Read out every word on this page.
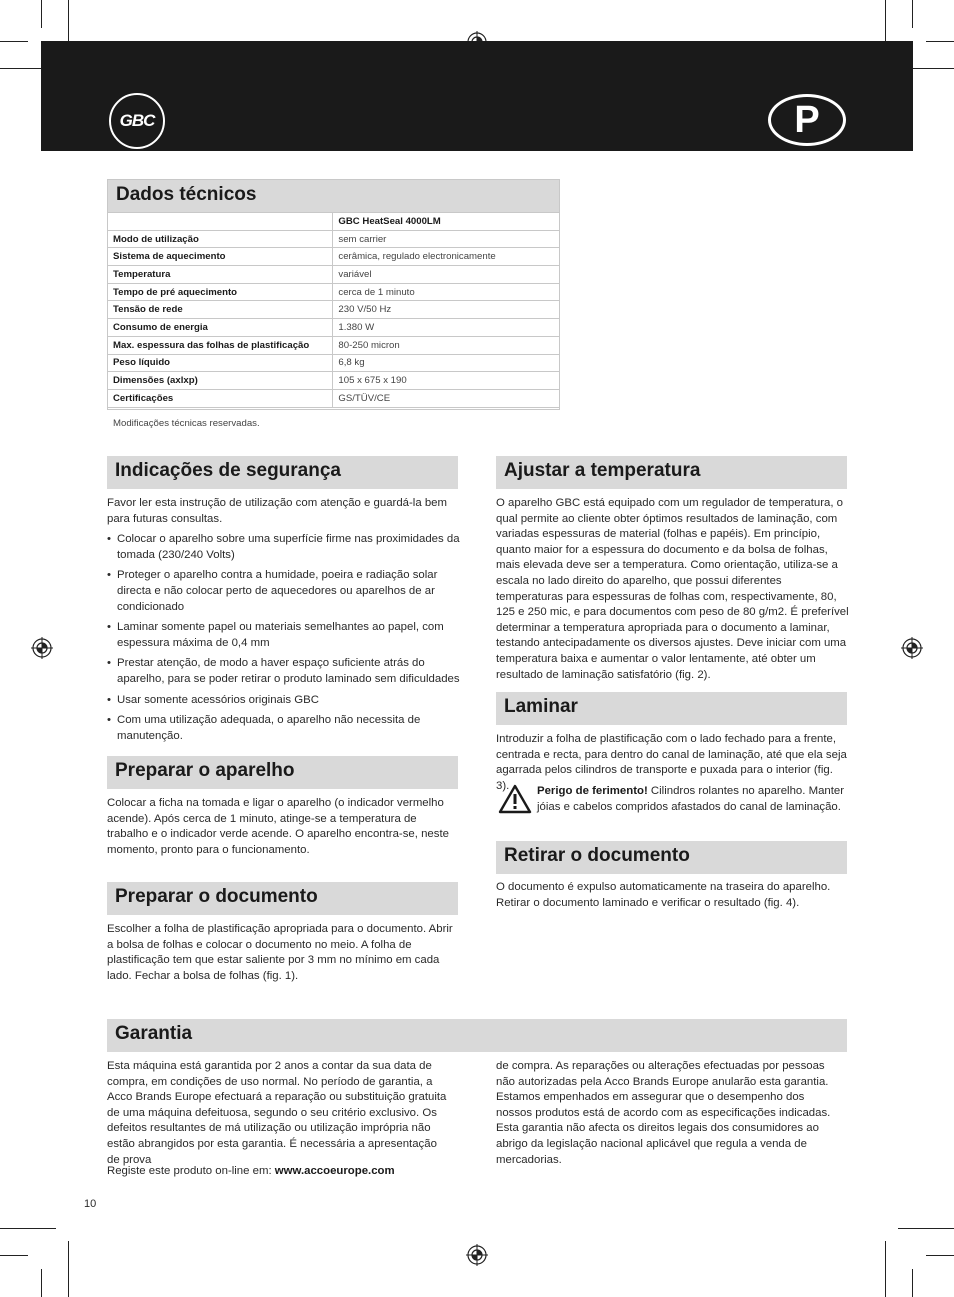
GBC	P
Dados técnicos
	GBC HeatSeal 4000LM
Modo de utilização	sem carrier
Sistema de aquecimento	cerâmica, regulado electronicamente
Temperatura	variável
Tempo de pré aquecimento	cerca de 1 minuto
Tensão de rede	230 V/50 Hz
Consumo de energia	1.380 W
Max. espessura das folhas de plastificação	80-250 micron
Peso líquido	6,8 kg
Dimensões (axlxp)	105 x 675 x 190
Certificações	GS/TÜV/CE
Modificações técnicas reservadas.
Indicações de segurança

Favor ler esta instrução de utilização com atenção e guardá-la bem para futuras consultas.

• Colocar o aparelho sobre uma superfície firme nas proximidades da tomada (230/240 Volts)
• Proteger o aparelho contra a humidade, poeira e radiação solar directa e não colocar perto de aquecedores ou aparelhos de ar condicionado
• Laminar somente papel ou materiais semelhantes ao papel, com espessura máxima de 0,4 mm
• Prestar atenção, de modo a haver espaço suficiente atrás do aparelho, para se poder retirar o produto laminado sem dificuldades
• Usar somente acessórios originais GBC
• Com uma utilização adequada, o aparelho não necessita de manutenção.
Preparar o aparelho
Colocar a ficha na tomada e ligar o aparelho (o indicador vermelho acende). Após cerca de 1 minuto, atinge-se a temperatura de trabalho e o indicador verde acende. O aparelho encontra-se, neste momento, pronto para o funcionamento.
Preparar o documento
Escolher a folha de plastificação apropriada para o documento. Abrir a bolsa de folhas e colocar o documento no meio. A folha de plastificação tem que estar saliente por 3 mm no mínimo em cada lado. Fechar a bolsa de folhas (fig. 1).
Ajustar a temperatura
O aparelho GBC está equipado com um regulador de temperatura, o qual permite ao cliente obter óptimos resultados de laminação, com variadas espessuras de material (folhas e papéis). Em princípio, quanto maior for a espessura do documento e da bolsa de folhas, mais elevada deve ser a temperatura. Como orientação, utiliza-se a escala no lado direito do aparelho, que possui diferentes temperaturas para espessuras de folhas com, respectivamente, 80, 125 e 250 mic, e para documentos com peso de 80 g/m2. É preferível determinar a temperatura apropriada para o documento a laminar, testando antecipadamente os diversos ajustes. Deve iniciar com uma temperatura baixa e aumentar o valor lentamente, até obter um resultado de laminação satisfatório (fig. 2).
Laminar
Introduzir a folha de plastificação com o lado fechado para a frente, centrada e recta, para dentro do canal de laminação, até que ela seja agarrada pelos cilindros de transporte e puxada para o interior (fig. 3).	Perigo de ferimento! Cilindros rolantes no aparelho. Manter jóias e cabelos compridos afastados do canal de laminação.
Retirar o documento
O documento é expulso automaticamente na traseira do aparelho. Retirar o documento laminado e verificar o resultado (fig. 4).
Garantia
Esta máquina está garantida por 2 anos a contar da sua data de compra, em condições de uso normal. No período de garantia, a Acco Brands Europe efectuará a reparação ou substituição gratuita de uma máquina defeituosa, segundo o seu critério exclusivo. Os defeitos resultantes de má utilização ou utilização imprópria não estão abrangidos por esta garantia. É necessária a apresentação de prova
de compra. As reparações ou alterações efectuadas por pessoas não autorizadas pela Acco Brands Europe anularão esta garantia. Estamos empenhados em assegurar que o desempenho dos nossos produtos está de acordo com as especificações indicadas. Esta garantia não afecta os direitos legais dos consumidores ao abrigo da legislação nacional aplicável que regula a venda de mercadorias.
Registe este produto on-line em: www.accoeurope.com
10
